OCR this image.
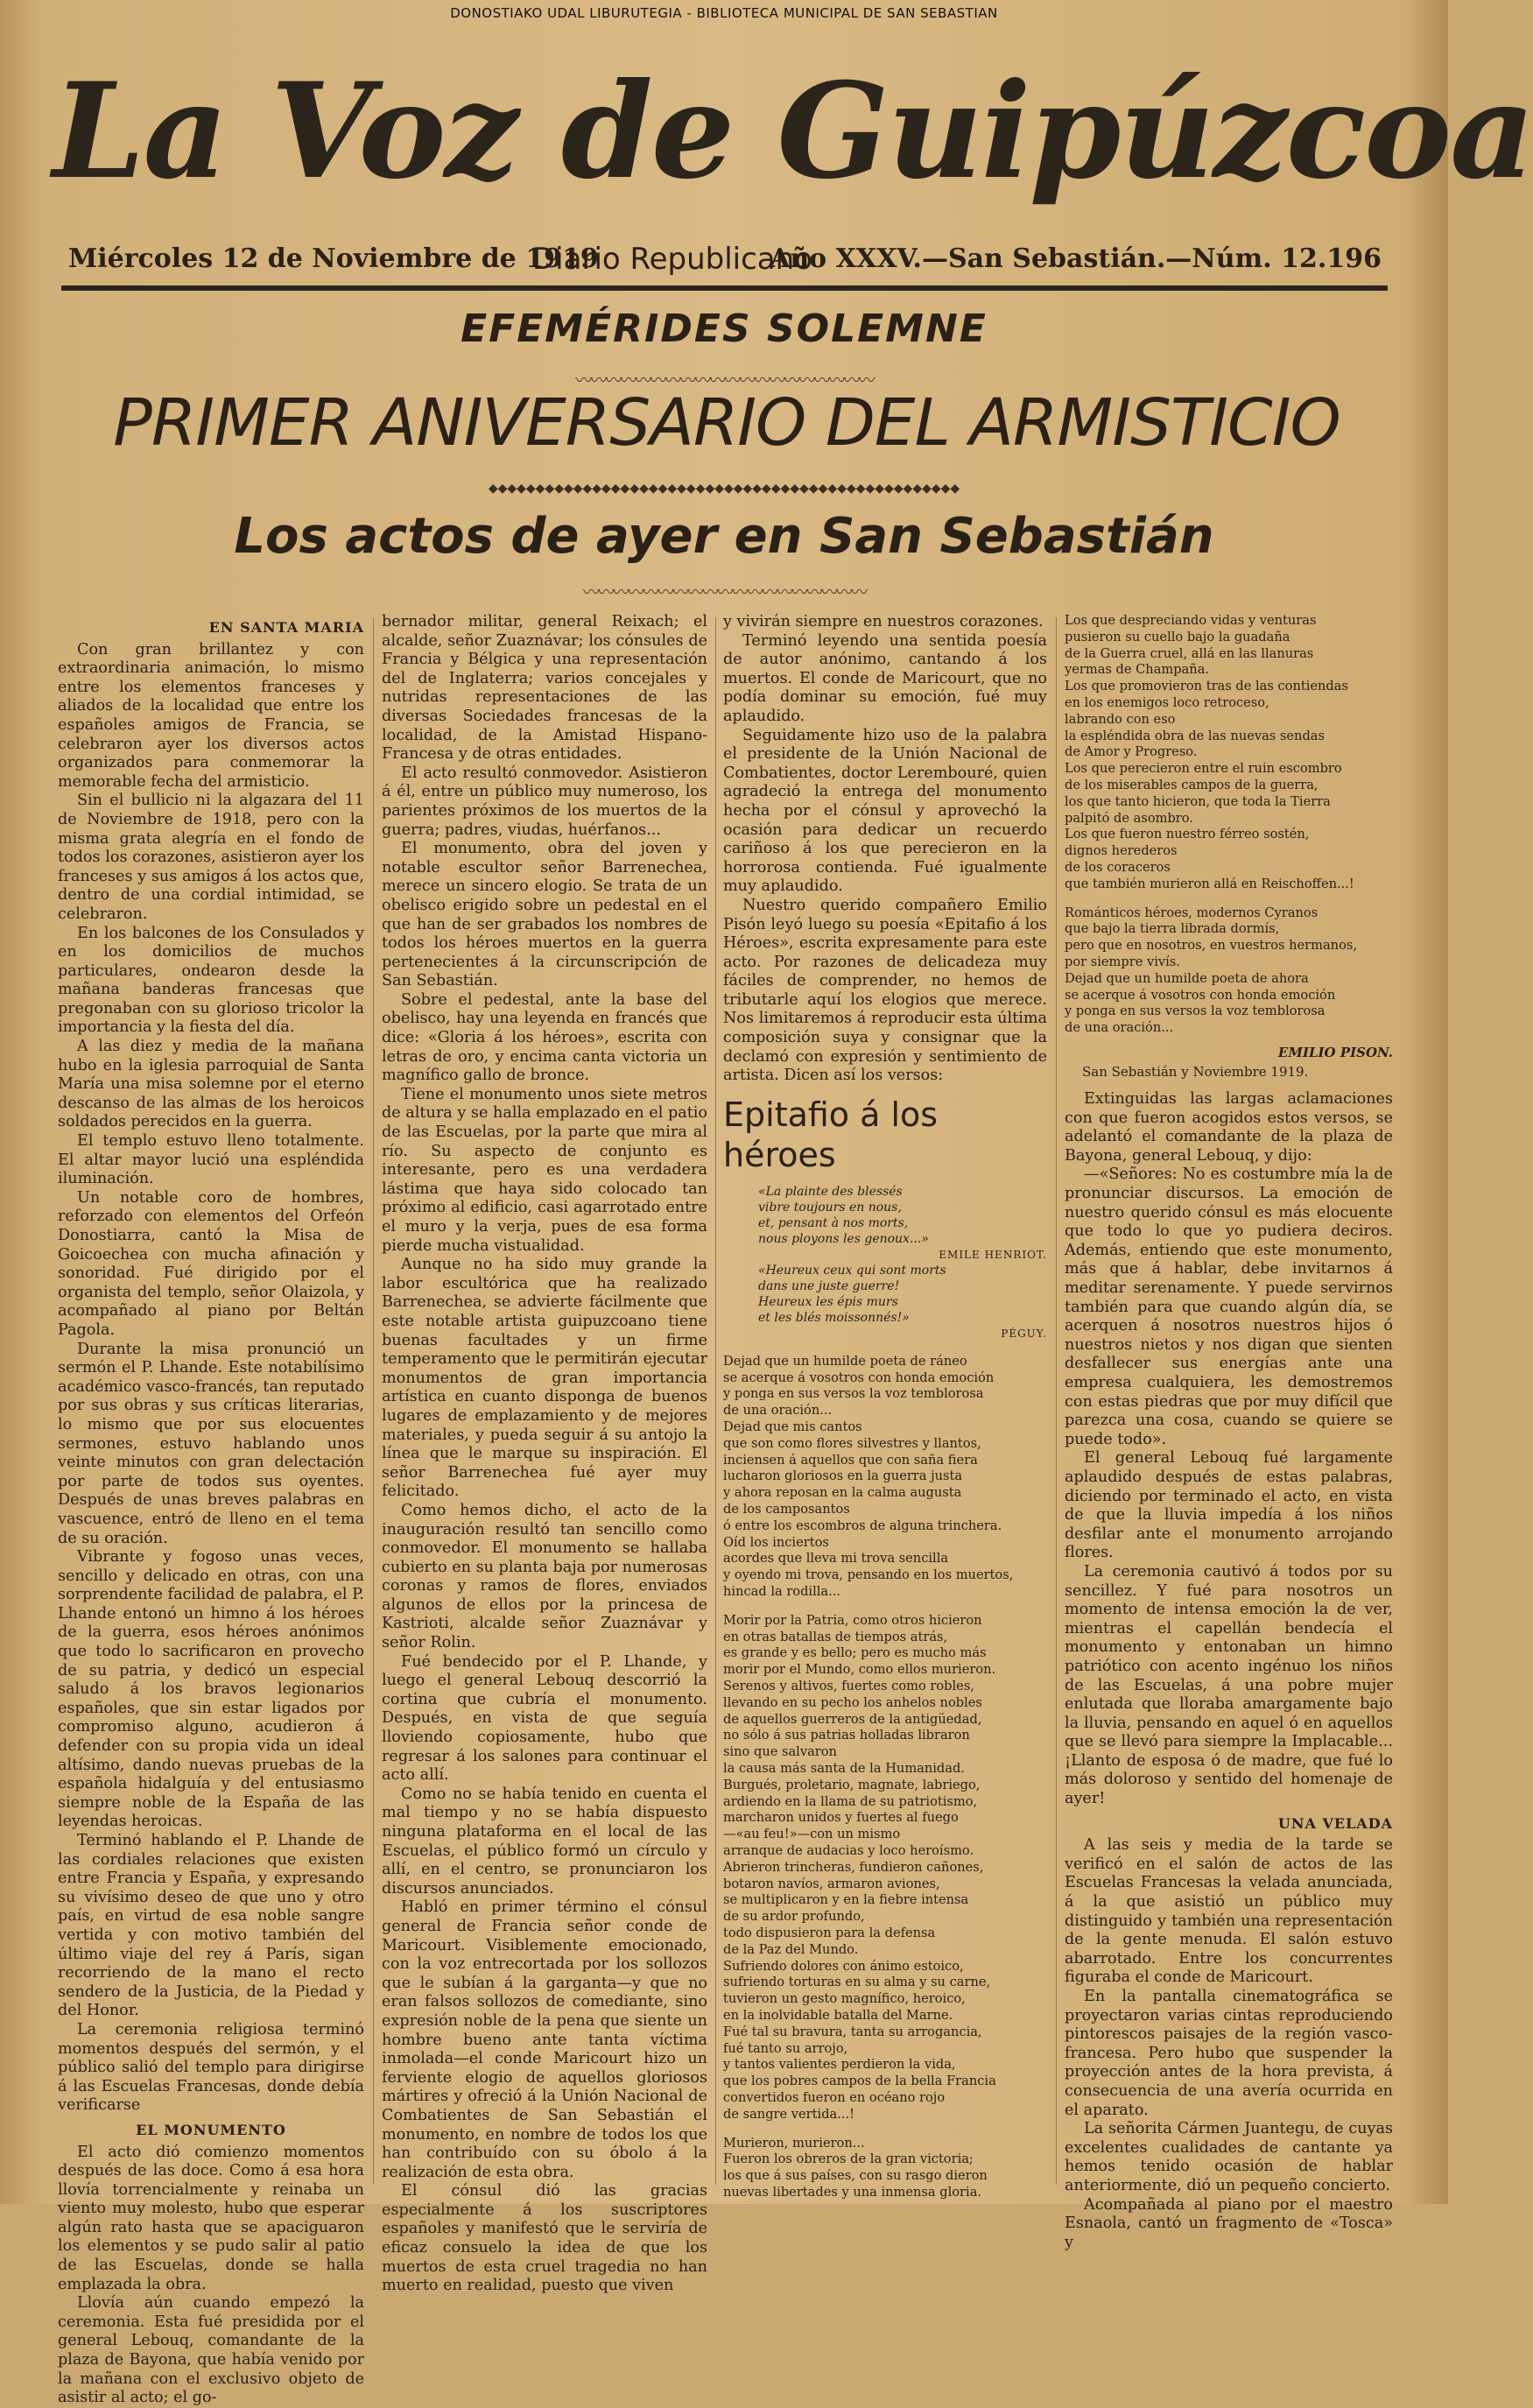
DONOSTIAKO UDAL LIBURUTEGIA - BIBLIOTECA MUNICIPAL DE SAN SEBASTIAN
La Voz de Guipúzcoa
Miércoles 12 de Noviembre de 1919
Diario Republicano
Año XXXV.—San Sebastián.—Núm. 12.196
EFEMÉRIDES SOLEMNE
〰〰〰〰〰〰〰〰〰〰〰〰〰〰〰〰〰〰〰〰
PRIMER ANIVERSARIO DEL ARMISTICIO
◆◆◆◆◆◆◆◆◆◆◆◆◆◆◆◆◆◆◆◆◆◆◆◆◆◆◆◆◆◆◆◆◆◆◆◆◆◆◆◆◆◆◆◆◆◆◆◆◆◆
Los actos de ayer en San Sebastián
〰〰〰〰〰〰〰〰〰〰〰〰〰〰〰〰〰〰〰
EN SANTA MARIA

Con gran brillantez y con extraordinaria animación, lo mismo entre los elementos franceses y aliados de la localidad que entre los españoles amigos de Francia, se celebraron ayer los diversos actos organizados para conmemorar la memorable fecha del armisticio.

Sin el bullicio ni la algazara del 11 de Noviembre de 1918, pero con la misma grata alegría en el fondo de todos los corazones, asistieron ayer los franceses y sus amigos á los actos que, dentro de una cordial intimidad, se celebraron.

En los balcones de los Consulados y en los domicilios de muchos particulares, ondearon desde la mañana banderas francesas que pregonaban con su glorioso tricolor la importancia y la fiesta del día.

A las diez y media de la mañana hubo en la iglesia parroquial de Santa María una misa solemne por el eterno descanso de las almas de los heroicos soldados perecidos en la guerra.

El templo estuvo lleno totalmente. El altar mayor lució una espléndida iluminación.

Un notable coro de hombres, reforzado con elementos del Orfeón Donostiarra, cantó la Misa de Goicoechea con mucha afinación y sonoridad. Fué dirigido por el organista del templo, señor Olaizola, y acompañado al piano por Beltán Pagola.

Durante la misa pronunció un sermón el P. Lhande. Este notabilísimo académico vasco-francés, tan reputado por sus obras y sus críticas literarias, lo mismo que por sus elocuentes sermones, estuvo hablando unos veinte minutos con gran delectación por parte de todos sus oyentes. Después de unas breves palabras en vascuence, entró de lleno en el tema de su oración.

Vibrante y fogoso unas veces, sencillo y delicado en otras, con una sorprendente facilidad de palabra, el P. Lhande entonó un himno á los héroes de la guerra, esos héroes anónimos que todo lo sacrificaron en provecho de su patria, y dedicó un especial saludo á los bravos legionarios españoles, que sin estar ligados por compromiso alguno, acudieron á defender con su propia vida un ideal altísimo, dando nuevas pruebas de la española hidalguía y del entusiasmo siempre noble de la España de las leyendas heroicas.

Terminó hablando el P. Lhande de las cordiales relaciones que existen entre Francia y España, y expresando su vivísimo deseo de que uno y otro país, en virtud de esa noble sangre vertida y con motivo también del último viaje del rey á París, sigan recorriendo de la mano el recto sendero de la Justicia, de la Piedad y del Honor.

La ceremonia religiosa terminó momentos después del sermón, y el público salió del templo para dirigirse á las Escuelas Francesas, donde debía verificarse

EL MONUMENTO

El acto dió comienzo momentos después de las doce. Como á esa hora llovía torrencialmente y reinaba un viento muy molesto, hubo que esperar algún rato hasta que se apaciguaron los elementos y se pudo salir al patio de las Escuelas, donde se halla emplazada la obra.

Llovía aún cuando empezó la ceremonia. Esta fué presidida por el general Lebouq, comandante de la plaza de Bayona, que había venido por la mañana con el exclusivo objeto de asistir al acto; el go-

bernador militar, general Reixach; el alcalde, señor Zuaznávar; los cónsules de Francia y Bélgica y una representación del de Inglaterra; varios concejales y nutridas representaciones de las diversas Sociedades francesas de la localidad, de la Amistad Hispano-Francesa y de otras entidades.

El acto resultó conmovedor. Asistieron á él, entre un público muy numeroso, los parientes próximos de los muertos de la guerra; padres, viudas, huérfanos...

El monumento, obra del joven y notable escultor señor Barrenechea, merece un sincero elogio. Se trata de un obelisco erigido sobre un pedestal en el que han de ser grabados los nombres de todos los héroes muertos en la guerra pertenecientes á la circunscripción de San Sebastián.

Sobre el pedestal, ante la base del obelisco, hay una leyenda en francés que dice: «Gloria á los héroes», escrita con letras de oro, y encima canta victoria un magnífico gallo de bronce.

Tiene el monumento unos siete metros de altura y se halla emplazado en el patio de las Escuelas, por la parte que mira al río. Su aspecto de conjunto es interesante, pero es una verdadera lástima que haya sido colocado tan próximo al edificio, casi agarrotado entre el muro y la verja, pues de esa forma pierde mucha vistualidad.

Aunque no ha sido muy grande la labor escultórica que ha realizado Barrenechea, se advierte fácilmente que este notable artista guipuzcoano tiene buenas facultades y un firme temperamento que le permitirán ejecutar monumentos de gran importancia artística en cuanto disponga de buenos lugares de emplazamiento y de mejores materiales, y pueda seguir á su antojo la línea que le marque su inspiración. El señor Barrenechea fué ayer muy felicitado.

Como hemos dicho, el acto de la inauguración resultó tan sencillo como conmovedor. El monumento se hallaba cubierto en su planta baja por numerosas coronas y ramos de flores, enviados algunos de ellos por la princesa de Kastrioti, alcalde señor Zuaznávar y señor Rolin.

Fué bendecido por el P. Lhande, y luego el general Lebouq descorrió la cortina que cubría el monumento. Después, en vista de que seguía lloviendo copiosamente, hubo que regresar á los salones para continuar el acto allí.

Como no se había tenido en cuenta el mal tiempo y no se había dispuesto ninguna plataforma en el local de las Escuelas, el público formó un círculo y allí, en el centro, se pronunciaron los discursos anunciados.

Habló en primer término el cónsul general de Francia señor conde de Maricourt. Visiblemente emocionado, con la voz entrecortada por los sollozos que le subían á la garganta—y que no eran falsos sollozos de comediante, sino expresión noble de la pena que siente un hombre bueno ante tanta víctima inmolada—el conde Maricourt hizo un ferviente elogio de aquellos gloriosos mártires y ofreció á la Unión Nacional de Combatientes de San Sebastián el monumento, en nombre de todos los que han contribuído con su óbolo á la realización de esta obra.

El cónsul dió las gracias especialmente á los suscriptores españoles y manifestó que le serviría de eficaz consuelo la idea de que los muertos de esta cruel tragedia no han muerto en realidad, puesto que viven

y vivirán siempre en nuestros corazones.

Terminó leyendo una sentida poesía de autor anónimo, cantando á los muertos. El conde de Maricourt, que no podía dominar su emoción, fué muy aplaudido.

Seguidamente hizo uso de la palabra el presidente de la Unión Nacional de Combatientes, doctor Lerembouré, quien agradeció la entrega del monumento hecha por el cónsul y aprovechó la ocasión para dedicar un recuerdo cariñoso á los que perecieron en la horrorosa contienda. Fué igualmente muy aplaudido.

Nuestro querido compañero Emilio Pisón leyó luego su poesía «Epitafio á los Héroes», escrita expresamente para este acto. Por razones de delicadeza muy fáciles de comprender, no hemos de tributarle aquí los elogios que merece. Nos limitaremos á reproducir esta última composición suya y consignar que la declamó con expresión y sentimiento de artista. Dicen así los versos:

Epitafio á los héroes
«La plainte des blessés
vibre toujours en nous,
et, pensant à nos morts,
nous ployons les genoux...»
EMILE HENRIOT.
«Heureux ceux qui sont morts
dans une juste guerre!
Heureux les épis murs
et les blés moissonnés!»
PÉGUY.
Dejad que un humilde poeta de ráneo
se acerque á vosotros con honda emoción
y ponga en sus versos la voz temblorosa
de una oración...
Dejad que mis cantos
que son como flores silvestres y llantos,
inciensen á aquellos que con saña fiera
lucharon gloriosos en la guerra justa
y ahora reposan en la calma augusta
de los camposantos
ó entre los escombros de alguna trinchera.
Oíd los inciertos
acordes que lleva mi trova sencilla
y oyendo mi trova, pensando en los muertos,
hincad la rodilla...
Morir por la Patria, como otros hicieron
en otras batallas de tiempos atrás,
es grande y es bello; pero es mucho más
morir por el Mundo, como ellos murieron.
Serenos y altivos, fuertes como robles,
llevando en su pecho los anhelos nobles
de aquellos guerreros de la antigüedad,
no sólo á sus patrias holladas libraron
sino que salvaron
la causa más santa de la Humanidad.
Burgués, proletario, magnate, labriego,
ardiendo en la llama de su patriotismo,
marcharon unidos y fuertes al fuego
—«au feu!»—con un mismo
arranque de audacias y loco heroísmo.
Abrieron trincheras, fundieron cañones,
botaron navíos, armaron aviones,
se multiplicaron y en la fiebre intensa
de su ardor profundo,
todo dispusieron para la defensa
de la Paz del Mundo.
Sufriendo dolores con ánimo estoico,
sufriendo torturas en su alma y su carne,
tuvieron un gesto magnífico, heroico,
en la inolvidable batalla del Marne.
Fué tal su bravura, tanta su arrogancia,
fué tanto su arrojo,
y tantos valientes perdieron la vida,
que los pobres campos de la bella Francia
convertidos fueron en océano rojo
de sangre vertida...!
Murieron, murieron...
Fueron los obreros de la gran victoria;
los que á sus países, con su rasgo dieron
nuevas libertades y una inmensa gloria.
Los que despreciando vidas y venturas
pusieron su cuello bajo la guadaña
de la Guerra cruel, allá en las llanuras
yermas de Champaña.
Los que promovieron tras de las contiendas
en los enemigos loco retroceso,
labrando con eso
la espléndida obra de las nuevas sendas
de Amor y Progreso.
Los que perecieron entre el ruin escombro
de los miserables campos de la guerra,
los que tanto hicieron, que toda la Tierra
palpitó de asombro.
Los que fueron nuestro férreo sostén,
dignos herederos
de los coraceros
que también murieron allá en Reischoffen...!
Románticos héroes, modernos Cyranos
que bajo la tierra librada dormís,
pero que en nosotros, en vuestros hermanos,
por siempre vivís.
Dejad que un humilde poeta de ahora
se acerque á vosotros con honda emoción
y ponga en sus versos la voz temblorosa
de una oración...
EMILIO PISON.
San Sebastián y Noviembre 1919.

Extinguidas las largas aclamaciones con que fueron acogidos estos versos, se adelantó el comandante de la plaza de Bayona, general Lebouq, y dijo:

—«Señores: No es costumbre mía la de pronunciar discursos. La emoción de nuestro querido cónsul es más elocuente que todo lo que yo pudiera deciros. Además, entiendo que este monumento, más que á hablar, debe invitarnos á meditar serenamente. Y puede servirnos también para que cuando algún día, se acerquen á nosotros nuestros hijos ó nuestros nietos y nos digan que sienten desfallecer sus energías ante una empresa cualquiera, les demostremos con estas piedras que por muy difícil que parezca una cosa, cuando se quiere se puede todo».

El general Lebouq fué largamente aplaudido después de estas palabras, diciendo por terminado el acto, en vista de que la lluvia impedía á los niños desfilar ante el monumento arrojando flores.

La ceremonia cautivó á todos por su sencillez. Y fué para nosotros un momento de intensa emoción la de ver, mientras el capellán bendecía el monumento y entonaban un himno patriótico con acento ingénuo los niños de las Escuelas, á una pobre mujer enlutada que lloraba amargamente bajo la lluvia, pensando en aquel ó en aquellos que se llevó para siempre la Implacable... ¡Llanto de esposa ó de madre, que fué lo más doloroso y sentido del homenaje de ayer!

UNA VELADA

A las seis y media de la tarde se verificó en el salón de actos de las Escuelas Francesas la velada anunciada, á la que asistió un público muy distinguido y también una representación de la gente menuda. El salón estuvo abarrotado. Entre los concurrentes figuraba el conde de Maricourt.

En la pantalla cinematográfica se proyectaron varias cintas reproduciendo pintorescos paisajes de la región vasco-francesa. Pero hubo que suspender la proyección antes de la hora prevista, á consecuencia de una avería ocurrida en el aparato.

La señorita Cármen Juantegu, de cuyas excelentes cualidades de cantante ya hemos tenido ocasión de hablar anteriormente, dió un pequeño concierto.

Acompañada al piano por el maestro Esnaola, cantó un fragmento de «Tosca» y
